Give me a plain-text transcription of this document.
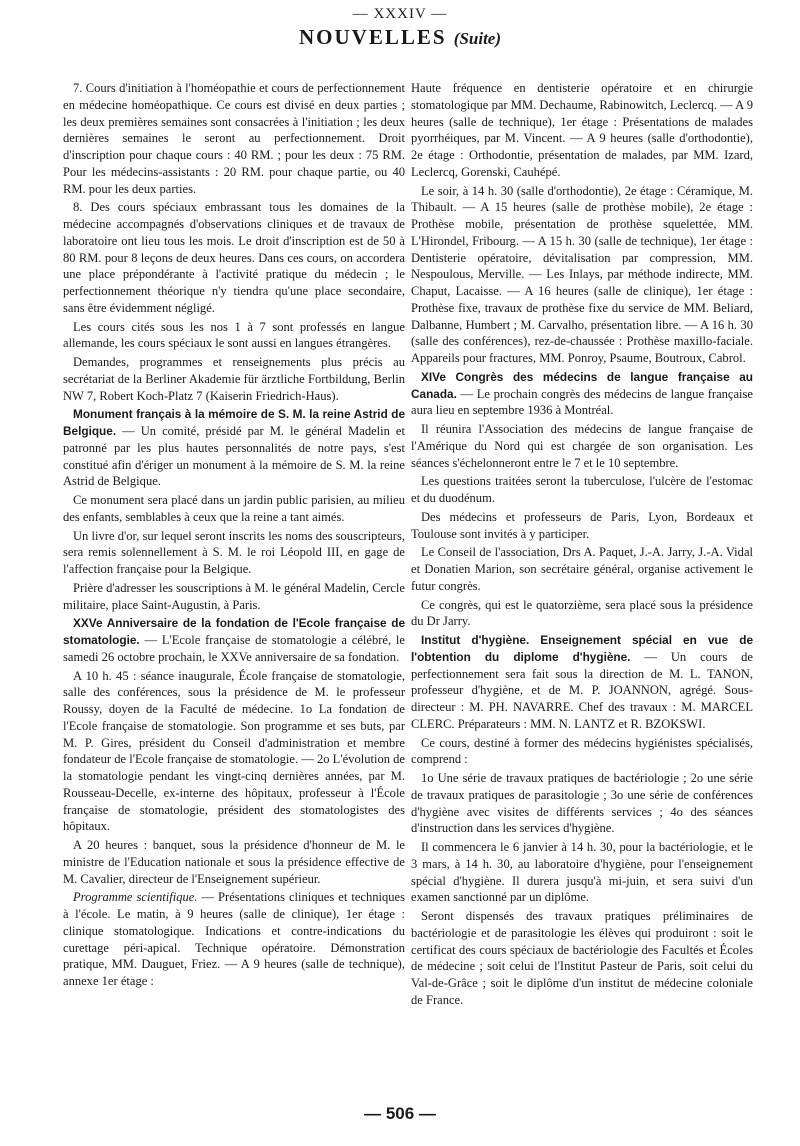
— XXXIV —
NOUVELLES (Suite)

7. Cours d'initiation à l'homéopathie et cours de perfectionnement en médecine homéopathique. Ce cours est divisé en deux parties ; les deux premières semaines sont consacrées à l'initiation ; les deux dernières semaines le seront au perfectionnement. Droit d'inscription pour chaque cours : 40 RM. ; pour les deux : 75 RM. Pour les médecins-assistants : 20 RM. pour chaque partie, ou 40 RM. pour les deux parties.

8. Des cours spéciaux embrassant tous les domaines de la médecine accompagnés d'observations cliniques et de travaux de laboratoire ont lieu tous les mois. Le droit d'inscription est de 50 à 80 RM. pour 8 leçons de deux heures. Dans ces cours, on accordera une place prépondérante à l'activité pratique du médecin ; le perfectionnement théorique n'y tiendra qu'une place secondaire, sans être évidemment négligé.

Les cours cités sous les nos 1 à 7 sont professés en langue allemande, les cours spéciaux le sont aussi en langues étrangères.

Demandes, programmes et renseignements plus précis au secrétariat de la Berliner Akademie für ärztliche Fortbildung, Berlin NW 7, Robert Koch-Platz 7 (Kaiserin Friedrich-Haus).

Monument français à la mémoire de S. M. la reine Astrid de Belgique. — Un comité, présidé par M. le général Madelin et patronné par les plus hautes personnalités de notre pays, s'est constitué afin d'ériger un monument à la mémoire de S. M. la reine Astrid de Belgique.

Ce monument sera placé dans un jardin public parisien, au milieu des enfants, semblables à ceux que la reine a tant aimés.

Un livre d'or, sur lequel seront inscrits les noms des souscripteurs, sera remis solennellement à S. M. le roi Léopold III, en gage de l'affection française pour la Belgique.

Prière d'adresser les souscriptions à M. le général Madelin, Cercle militaire, place Saint-Augustin, à Paris.

XXVe Anniversaire de la fondation de l'Ecole française de stomatologie. — L'Ecole française de stomatologie a célébré, le samedi 26 octobre prochain, le XXVe anniversaire de sa fondation.

A 10 h. 45 : séance inaugurale, École française de stomatologie, salle des conférences, sous la présidence de M. le professeur Roussy, doyen de la Faculté de médecine. 1o La fondation de l'Ecole française de stomatologie. Son programme et ses buts, par M. P. Gires, président du Conseil d'administration et membre fondateur de l'Ecole française de stomatologie. — 2o L'évolution de la stomatologie pendant les vingt-cinq dernières années, par M. Rousseau-Decelle, ex-interne des hôpitaux, professeur à l'École française de stomatologie, président des stomatologistes des hôpitaux.

A 20 heures : banquet, sous la présidence d'honneur de M. le ministre de l'Education nationale et sous la présidence effective de M. Cavalier, directeur de l'Enseignement supérieur.

Programme scientifique. — Présentations cliniques et techniques à l'école. Le matin, à 9 heures (salle de clinique), 1er étage : clinique stomatologique. Indications et contre-indications du curettage péri-apical. Technique opératoire. Démonstration pratique, MM. Dauguet, Friez. — A 9 heures (salle de technique), annexe 1er étage :

Haute fréquence en dentisterie opératoire et en chirurgie stomatologique par MM. Dechaume, Rabinowitch, Leclercq. — A 9 heures (salle de technique), 1er étage : Présentations de malades pyorrhéiques, par M. Vincent. — A 9 heures (salle d'orthodontie), 2e étage : Orthodontie, présentation de malades, par MM. Izard, Leclercq, Gorenski, Cauhépé.

Le soir, à 14 h. 30 (salle d'orthodontie), 2e étage : Céramique, M. Thibault. — A 15 heures (salle de prothèse mobile), 2e étage : Prothèse mobile, présentation de prothèse squelettée, MM. L'Hirondel, Fribourg. — A 15 h. 30 (salle de technique), 1er étage : Dentisterie opératoire, dévitalisation par compression, MM. Nespoulous, Merville. — Les Inlays, par méthode indirecte, MM. Chaput, Lacaisse. — A 16 heures (salle de clinique), 1er étage : Prothèse fixe, travaux de prothèse fixe du service de MM. Beliard, Dalbanne, Humbert ; M. Carvalho, présentation libre. — A 16 h. 30 (salle des conférences), rez-de-chaussée : Prothèse maxillo-faciale. Appareils pour fractures, MM. Ponroy, Psaume, Boutroux, Cabrol.

XIVe Congrès des médecins de langue française au Canada. — Le prochain congrès des médecins de langue française aura lieu en septembre 1936 à Montréal.

Il réunira l'Association des médecins de langue française de l'Amérique du Nord qui est chargée de son organisation. Les séances s'échelonneront entre le 7 et le 10 septembre.

Les questions traitées seront la tuberculose, l'ulcère de l'estomac et du duodénum.

Des médecins et professeurs de Paris, Lyon, Bordeaux et Toulouse sont invités à y participer.

Le Conseil de l'association, Drs A. Paquet, J.-A. Jarry, J.-A. Vidal et Donatien Marion, son secrétaire général, organise activement le futur congrès.

Ce congrès, qui est le quatorzième, sera placé sous la présidence du Dr Jarry.

Institut d'hygiène. Enseignement spécial en vue de l'obtention du diplome d'hygiène. — Un cours de perfectionnement sera fait sous la direction de M. L. TANON, professeur d'hygiène, et de M. P. JOANNON, agrégé. Sous-directeur : M. PH. NAVARRE. Chef des travaux : M. MARCEL CLERC. Préparateurs : MM. N. LANTZ et R. BZOKSWI.

Ce cours, destiné à former des médecins hygiénistes spécialisés, comprend :

1o Une série de travaux pratiques de bactériologie ; 2o une série de travaux pratiques de parasitologie ; 3o une série de conférences d'hygiène avec visites de différents services ; 4o des séances d'instruction dans les services d'hygiène.

Il commencera le 6 janvier à 14 h. 30, pour la bactériologie, et le 3 mars, à 14 h. 30, au laboratoire d'hygiène, pour l'enseignement spécial d'hygiène. Il durera jusqu'à mi-juin, et sera suivi d'un examen sanctionné par un diplôme.

Seront dispensés des travaux pratiques préliminaires de bactériologie et de parasitologie les élèves qui produiront : soit le certificat des cours spéciaux de bactériologie des Facultés et Écoles de médecine ; soit celui de l'Institut Pasteur de Paris, soit celui du Val-de-Grâce ; soit le diplôme d'un institut de médecine coloniale de France.

— 506 —
